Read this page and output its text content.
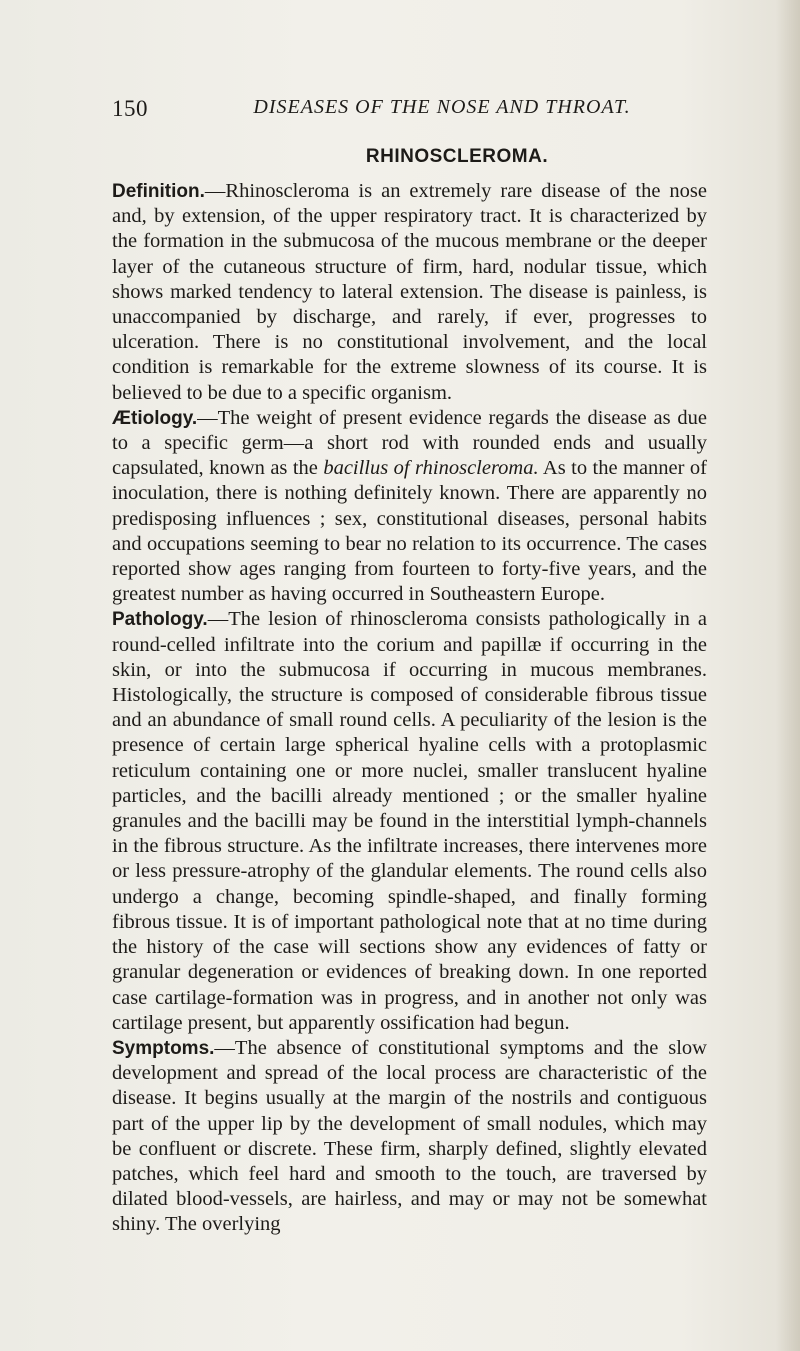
150	DISEASES OF THE NOSE AND THROAT.
RHINOSCLEROMA.

Definition.—Rhinoscleroma is an extremely rare disease of the nose and, by extension, of the upper respiratory tract. It is characterized by the formation in the submucosa of the mucous membrane or the deeper layer of the cutaneous structure of firm, hard, nodular tissue, which shows marked tendency to lateral extension. The disease is painless, is unaccompanied by discharge, and rarely, if ever, progresses to ulceration. There is no constitutional involvement, and the local condition is remarkable for the extreme slowness of its course. It is believed to be due to a specific organism.

Ætiology.—The weight of present evidence regards the disease as due to a specific germ—a short rod with rounded ends and usually capsulated, known as the bacillus of rhinoscleroma. As to the manner of inoculation, there is nothing definitely known. There are apparently no predisposing influences ; sex, constitutional diseases, personal habits and occupations seeming to bear no relation to its occurrence. The cases reported show ages ranging from fourteen to forty-five years, and the greatest number as having occurred in Southeastern Europe.

Pathology.—The lesion of rhinoscleroma consists pathologically in a round-celled infiltrate into the corium and papillæ if occurring in the skin, or into the submucosa if occurring in mucous membranes. Histologically, the structure is composed of considerable fibrous tissue and an abundance of small round cells. A peculiarity of the lesion is the presence of certain large spherical hyaline cells with a protoplasmic reticulum containing one or more nuclei, smaller translucent hyaline particles, and the bacilli already mentioned ; or the smaller hyaline granules and the bacilli may be found in the interstitial lymph-channels in the fibrous structure. As the infiltrate increases, there intervenes more or less pressure-atrophy of the glandular elements. The round cells also undergo a change, becoming spindle-shaped, and finally forming fibrous tissue. It is of important pathological note that at no time during the history of the case will sections show any evidences of fatty or granular degeneration or evidences of breaking down. In one reported case cartilage-formation was in progress, and in another not only was cartilage present, but apparently ossification had begun.

Symptoms.—The absence of constitutional symptoms and the slow development and spread of the local process are characteristic of the disease. It begins usually at the margin of the nostrils and contiguous part of the upper lip by the development of small nodules, which may be confluent or discrete. These firm, sharply defined, slightly elevated patches, which feel hard and smooth to the touch, are traversed by dilated blood-vessels, are hairless, and may or may not be somewhat shiny. The overlying
